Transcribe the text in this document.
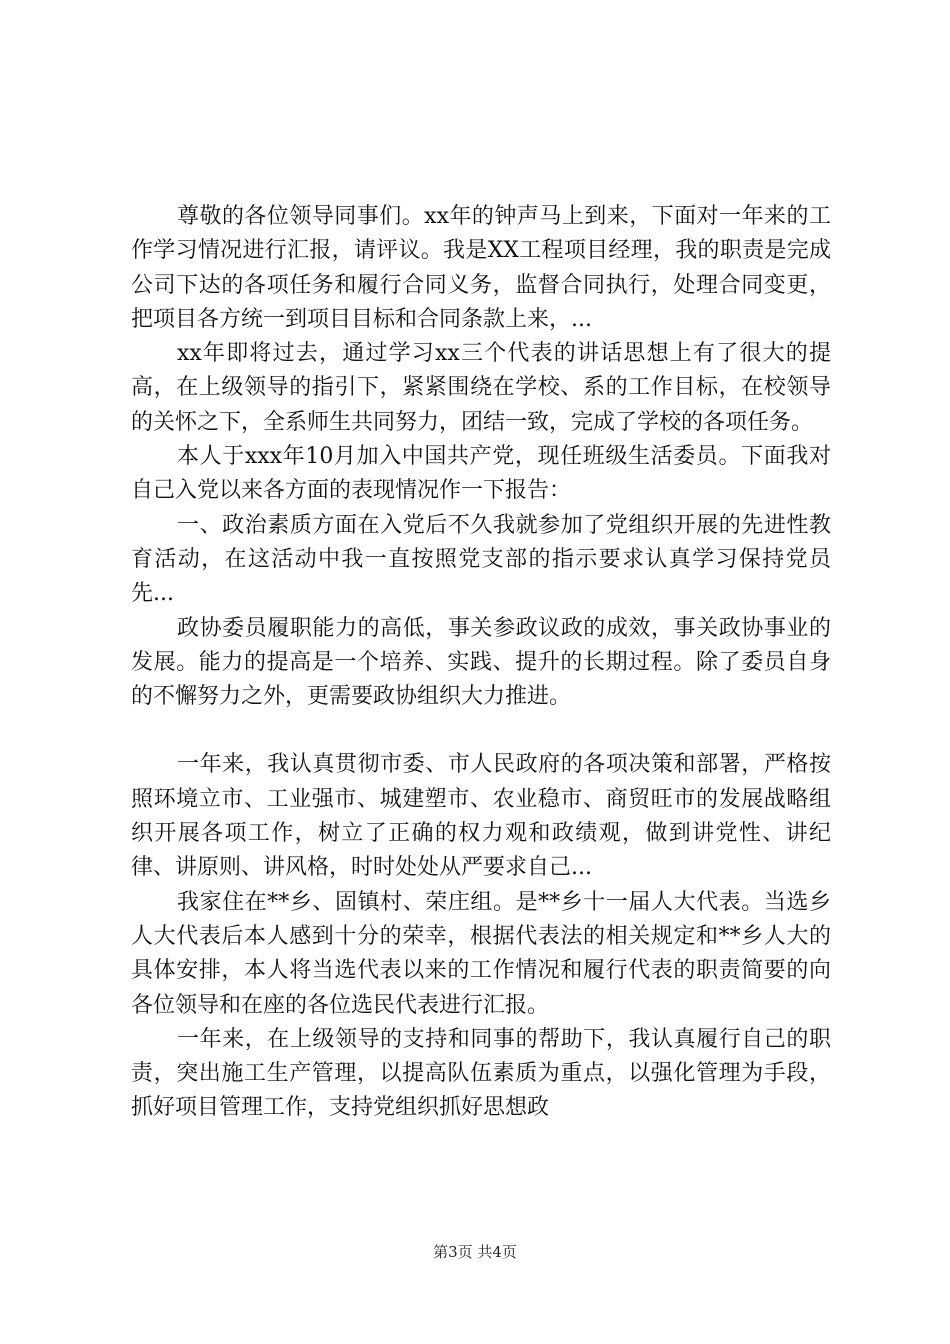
尊敬的各位领导同事们。xx年的钟声马上到来，下面对一年来的工作学习情况进行汇报，请评议。我是XX工程项目经理，我的职责是完成公司下达的各项任务和履行合同义务，监督合同执行，处理合同变更，把项目各方统一到项目目标和合同条款上来，...

xx年即将过去，通过学习xx三个代表的讲话思想上有了很大的提高，在上级领导的指引下，紧紧围绕在学校、系的工作目标，在校领导的关怀之下，全系师生共同努力，团结一致，完成了学校的各项任务。

本人于xxx年10月加入中国共产党，现任班级生活委员。下面我对自己入党以来各方面的表现情况作一下报告：

一、政治素质方面在入党后不久我就参加了党组织开展的先进性教育活动，在这活动中我一直按照党支部的指示要求认真学习保持党员先...

政协委员履职能力的高低，事关参政议政的成效，事关政协事业的发展。能力的提高是一个培养、实践、提升的长期过程。除了委员自身的不懈努力之外，更需要政协组织大力推进。

一年来，我认真贯彻市委、市人民政府的各项决策和部署，严格按照环境立市、工业强市、城建塑市、农业稳市、商贸旺市的发展战略组织开展各项工作，树立了正确的权力观和政绩观，做到讲党性、讲纪律、讲原则、讲风格，时时处处从严要求自己...

我家住在**乡、固镇村、荣庄组。是**乡十一届人大代表。当选乡人大代表后本人感到十分的荣幸，根据代表法的相关规定和**乡人大的具体安排，本人将当选代表以来的工作情况和履行代表的职责简要的向各位领导和在座的各位选民代表进行汇报。

一年来，在上级领导的支持和同事的帮助下，我认真履行自己的职责，突出施工生产管理，以提高队伍素质为重点，以强化管理为手段，抓好项目管理工作，支持党组织抓好思想政

第3页 共4页
